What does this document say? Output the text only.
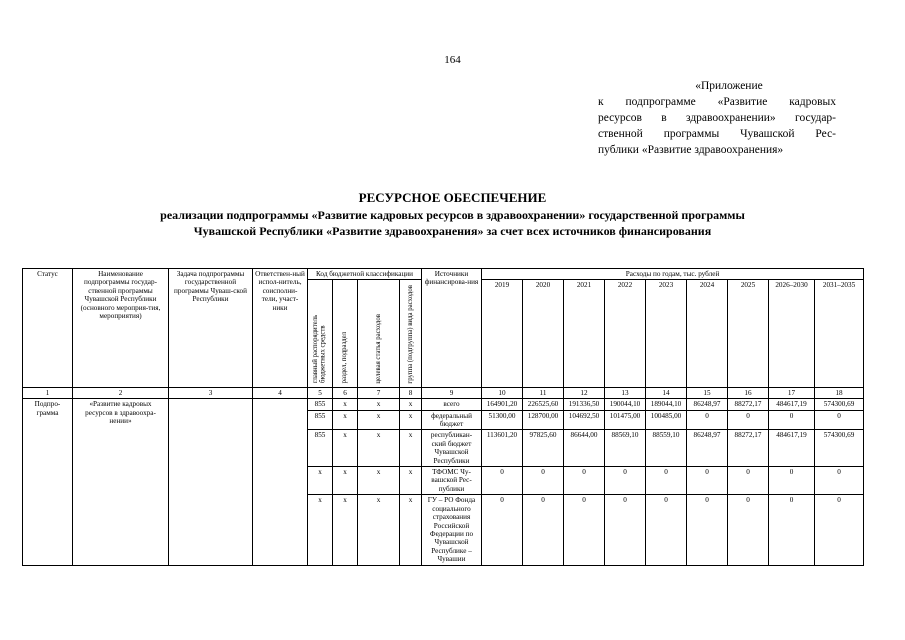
164
«Приложение
к подпрограмме «Развитие кадровых
ресурсов в здравоохранении» государ-
ственной программы Чувашской Рес-
публики «Развитие здравоохранения»
РЕСУРСНОЕ ОБЕСПЕЧЕНИЕ
реализации подпрограммы «Развитие кадровых ресурсов в здравоохранении» государственной программы
Чувашской Республики «Развитие здравоохранения» за счет всех источников финансирования
Статус	Наименование подпрограммы государ-ственной программы Чувашской Республики (основного мероприя-тия, мероприятия)	Задача подпрограммы государственной программы Чуваш-ской Республики	Ответствен-ный испол-нитель, соисполни-тели, участ-ники	Код бюджетной классификации				Источники финансирова-ния	Расходы по годам, тыс. рублей								
				главный распорядитель бюджетных средств	раздел, подраздел	целевая статья расходов	группа (подгруппа) вида расходов		2019	2020	2021	2022	2023	2024	2025	2026–2030	2031–2035
1	2	3	4	5	6	7	8	9	10	11	12	13	14	15	16	17	18
Подпро-грамма	«Развитие кадровых ресурсов в здравоохра-нении»			855	x	x	x	всего	164901,20	226525,60	191336,50	190044,10	189044,10	86248,97	88272,17	484617,19	574300,69
				855	x	x	x	федеральный бюджет	51300,00	128700,00	104692,50	101475,00	100485,00	0	0	0	0
				855	x	x	x	республикан-ский бюджет Чувашской Республики	113601,20	97825,60	86644,00	88569,10	88559,10	86248,97	88272,17	484617,19	574300,69
				x	x	x	x	ТФОМС Чу-вашской Рес-публики	0	0	0	0	0	0	0	0	0
				x	x	x	x	ГУ – РО Фонда социального страхования Российской Федерации по Чувашской Республике – Чувашии	0	0	0	0	0	0	0	0	0
